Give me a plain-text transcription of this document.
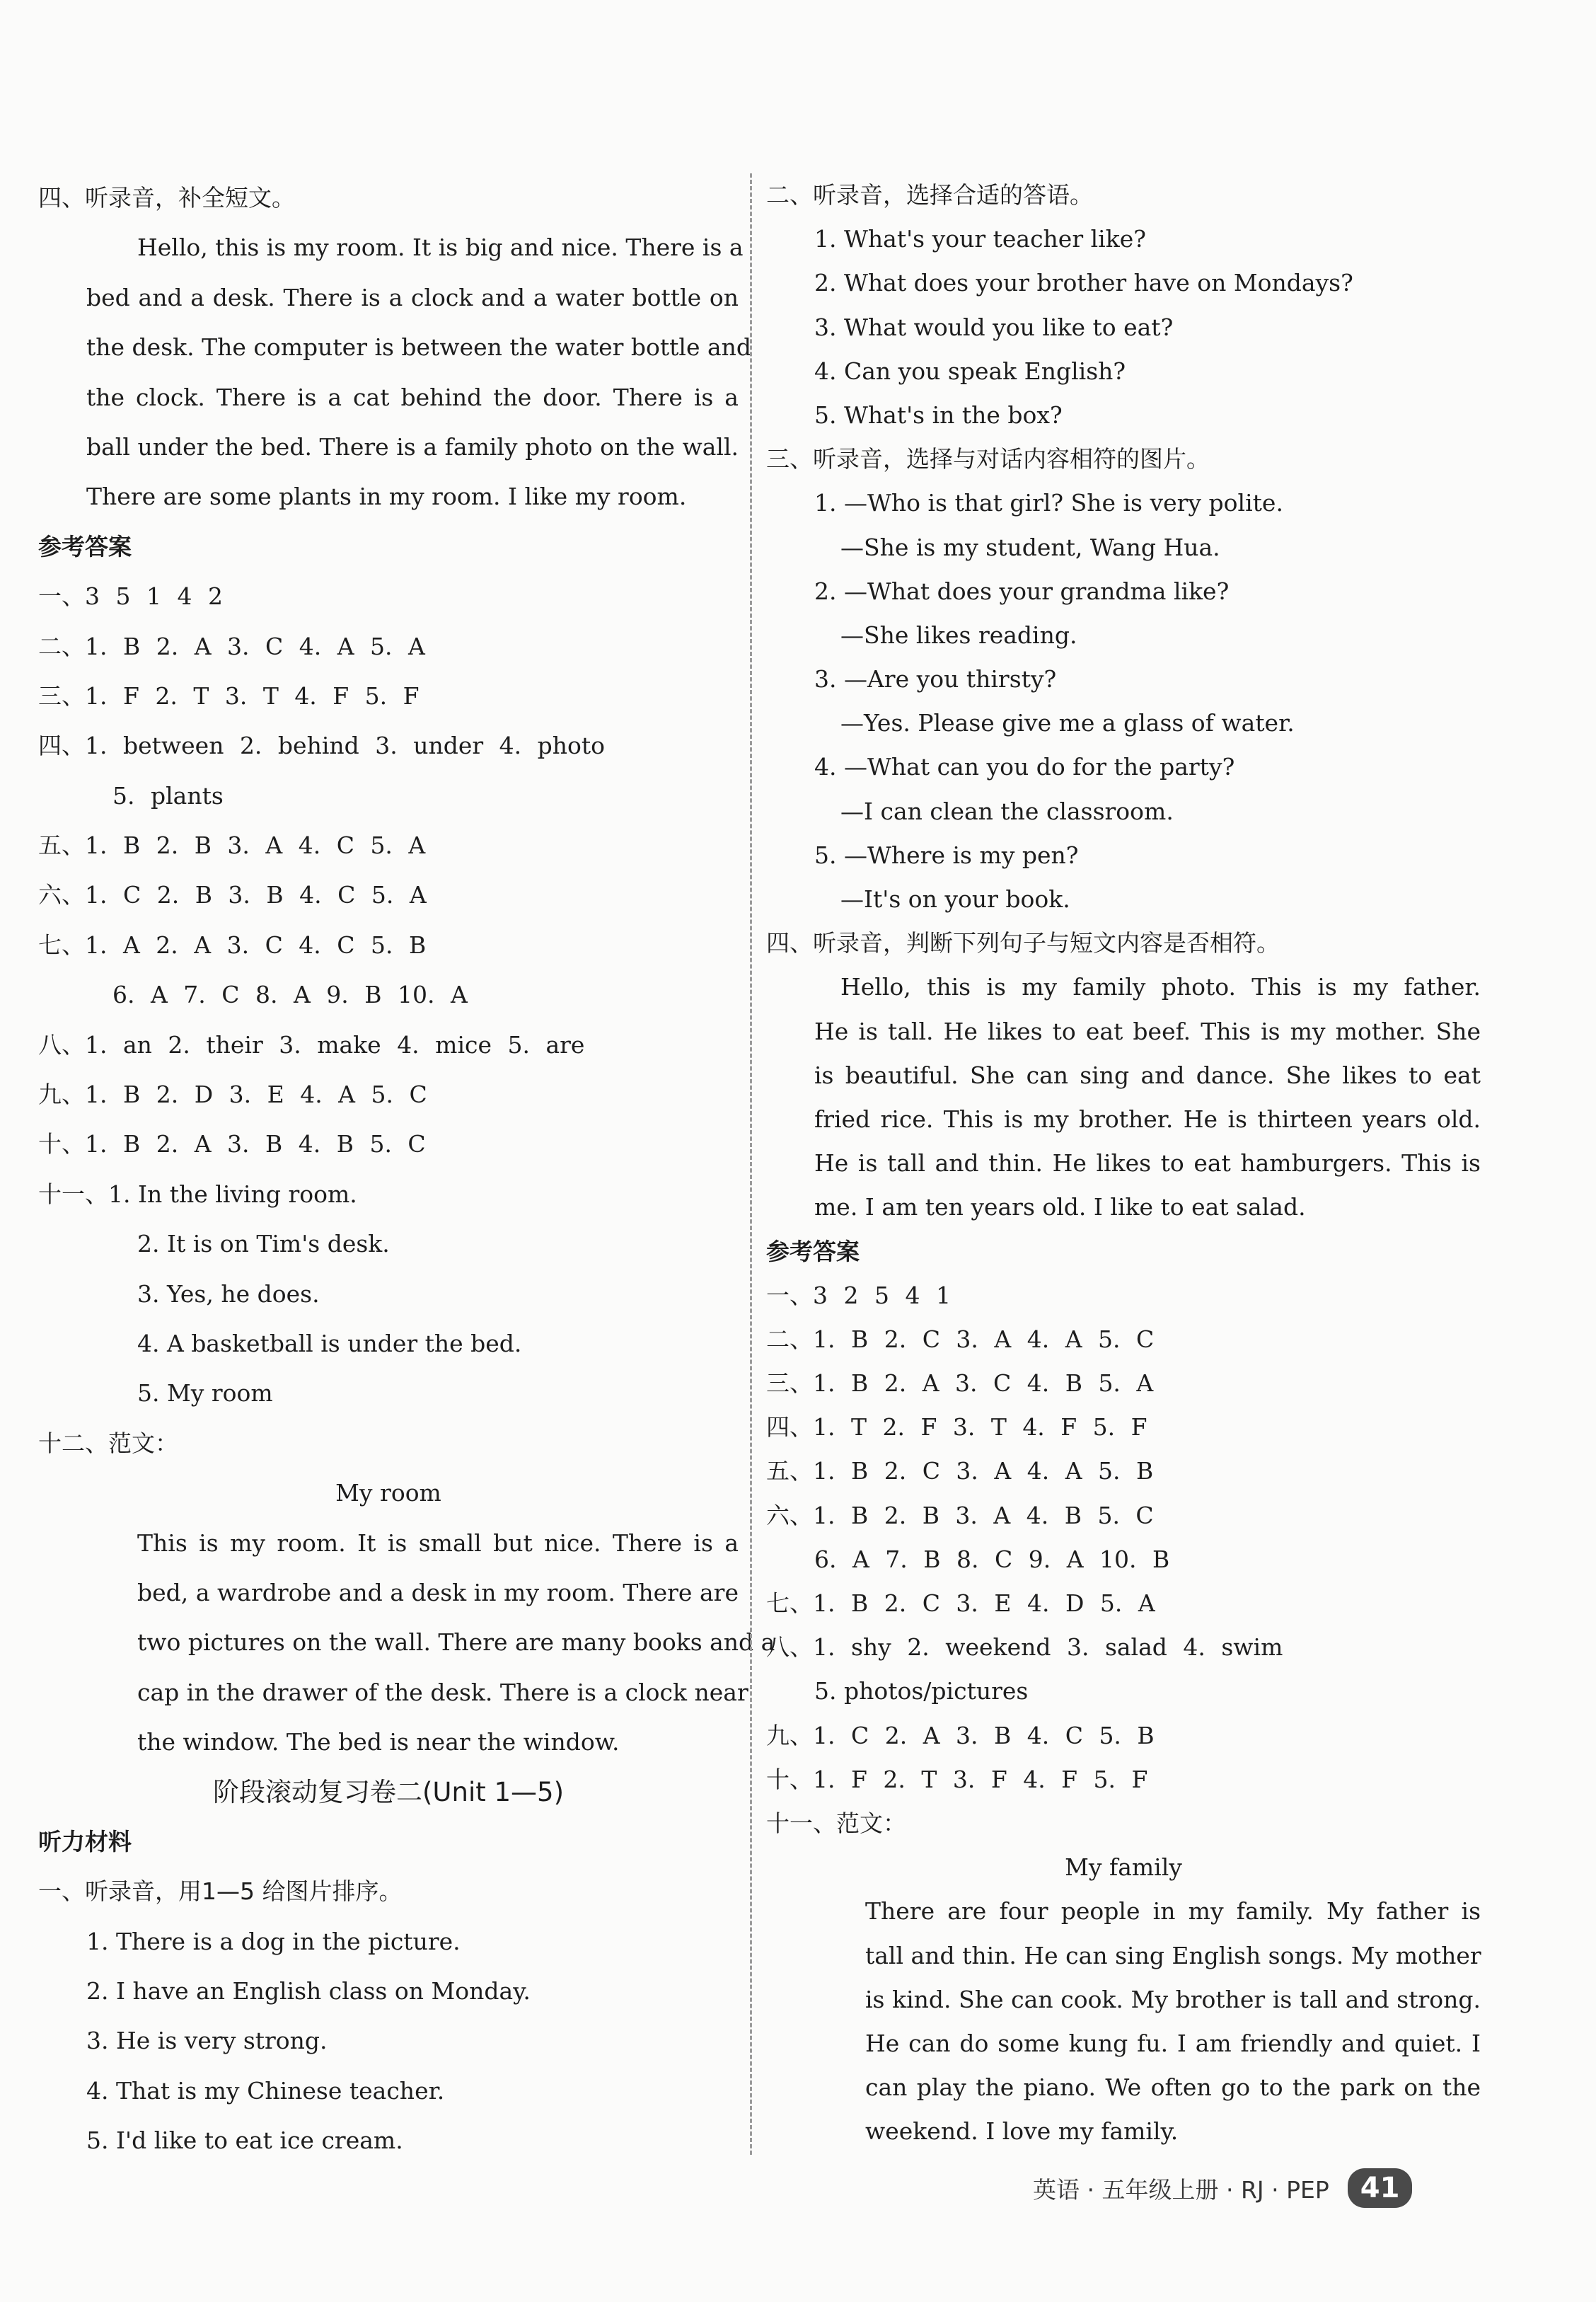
四、听录音，补全短文。
Hello, this is my room. It is big and nice. There is a
bed and a desk. There is a clock and a water bottle on
the desk. The computer is between the water bottle and
the clock. There is a cat behind the door. There is a
ball under the bed. There is a family photo on the wall.
There are some plants in my room. I like my room.
参考答案
一、3 5 1 4 2
二、1. B 2. A 3. C 4. A 5. A
三、1. F 2. T 3. T 4. F 5. F
四、1. between 2. behind 3. under 4. photo
5. plants
五、1. B 2. B 3. A 4. C 5. A
六、1. C 2. B 3. B 4. C 5. A
七、1. A 2. A 3. C 4. C 5. B
6. A 7. C 8. A 9. B 10. A
八、1. an 2. their 3. make 4. mice 5. are
九、1. B 2. D 3. E 4. A 5. C
十、1. B 2. A 3. B 4. B 5. C
十一、1. In the living room.
2. It is on Tim's desk.
3. Yes, he does.
4. A basketball is under the bed.
5. My room
十二、范文：
My room
This is my room. It is small but nice. There is a
bed, a wardrobe and a desk in my room. There are
two pictures on the wall. There are many books and a
cap in the drawer of the desk. There is a clock near
the window. The bed is near the window.
阶段滚动复习卷二(Unit 1—5)
听力材料
一、听录音，用1—5 给图片排序。
1. There is a dog in the picture.
2. I have an English class on Monday.
3. He is very strong.
4. That is my Chinese teacher.
5. I'd like to eat ice cream.
二、听录音，选择合适的答语。
1. What's your teacher like?
2. What does your brother have on Mondays?
3. What would you like to eat?
4. Can you speak English?
5. What's in the box?
三、听录音，选择与对话内容相符的图片。
1. —Who is that girl? She is very polite.
—She is my student, Wang Hua.
2. —What does your grandma like?
—She likes reading.
3. —Are you thirsty?
—Yes. Please give me a glass of water.
4. —What can you do for the party?
—I can clean the classroom.
5. —Where is my pen?
—It's on your book.
四、听录音，判断下列句子与短文内容是否相符。
Hello, this is my family photo. This is my father.
He is tall. He likes to eat beef. This is my mother. She
is beautiful. She can sing and dance. She likes to eat
fried rice. This is my brother. He is thirteen years old.
He is tall and thin. He likes to eat hamburgers. This is
me. I am ten years old. I like to eat salad.
参考答案
一、3 2 5 4 1
二、1. B 2. C 3. A 4. A 5. C
三、1. B 2. A 3. C 4. B 5. A
四、1. T 2. F 3. T 4. F 5. F
五、1. B 2. C 3. A 4. A 5. B
六、1. B 2. B 3. A 4. B 5. C
6. A 7. B 8. C 9. A 10. B
七、1. B 2. C 3. E 4. D 5. A
八、1. shy 2. weekend 3. salad 4. swim
5. photos/pictures
九、1. C 2. A 3. B 4. C 5. B
十、1. F 2. T 3. F 4. F 5. F
十一、范文：
My family
There are four people in my family. My father is
tall and thin. He can sing English songs. My mother
is kind. She can cook. My brother is tall and strong.
He can do some kung fu. I am friendly and quiet. I
can play the piano. We often go to the park on the
weekend. I love my family.
英语 · 五年级上册 · RJ · PEP	41
